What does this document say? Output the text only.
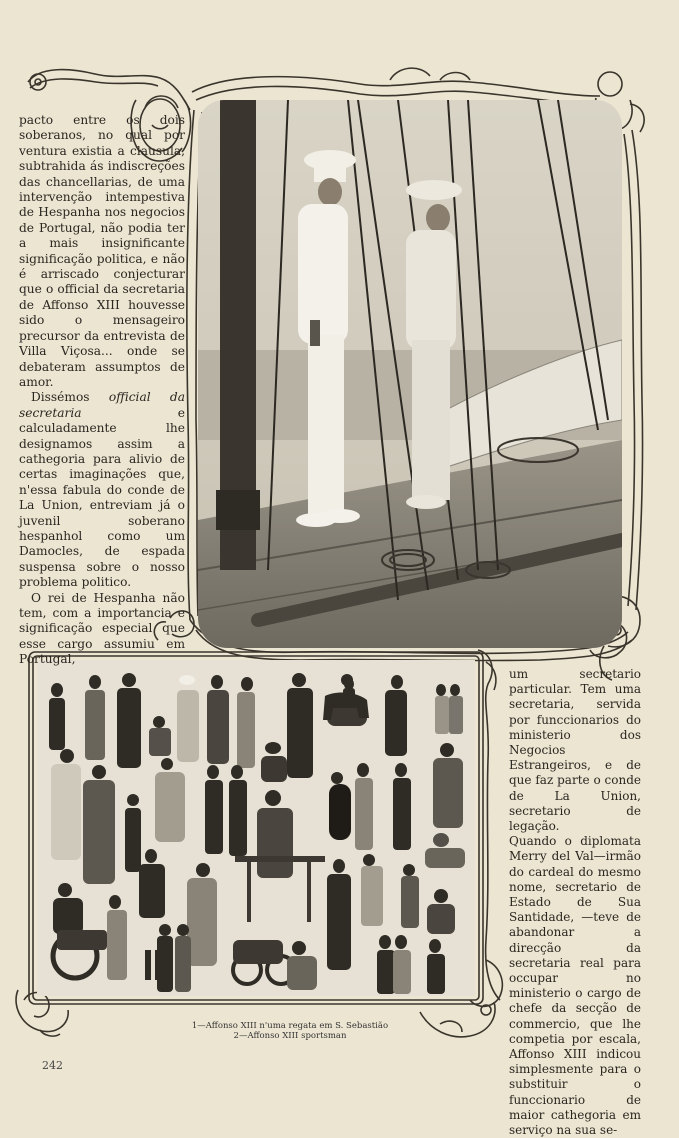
pacto entre os dois soberanos, no qual por ventura existia a clausula, subtrahida ás indiscreções das chancellarias, de uma intervenção intempestiva de Hespanha nos negocios de Portugal, não podia ter a mais insignificante significação politica, e não é arriscado conjecturar que o official da secretaria de Affonso XIII houvesse sido o mensageiro precursor da entrevista de Villa Viçosa... onde se debateram assumptos de amor.

Dissémos official da secretaria e calculadamente lhe designamos assim a cathegoria para alivio de certas imaginações que, n'essa fabula do conde de La Union, entreviam já o juvenil soberano hespanhol como um Damocles, de espada suspensa sobre o nosso problema politico.

O rei de Hespanha não tem, com a importancia e significação especial que esse cargo assumiu em Portugal,

um secretario particular. Tem uma secretaria, servida por funccionarios do ministerio dos Negocios Estrangeiros, e de que faz parte o conde de La Union, secretario de legação.

Quando o diplomata Merry del Val—irmão do cardeal do mesmo nome, secretario de Estado de Sua Santidade, —teve de abandonar a direcção da secretaria real para occupar no ministerio o cargo de chefe da secção de commercio, que lhe competia por escala, Affonso XIII indicou simplesmente para o substituir o funccionario de maior cathegoria em serviço na sua se-

1—Affonso XIII n'uma regata em S. Sebastião
2—Affonso XIII sportsman
242
